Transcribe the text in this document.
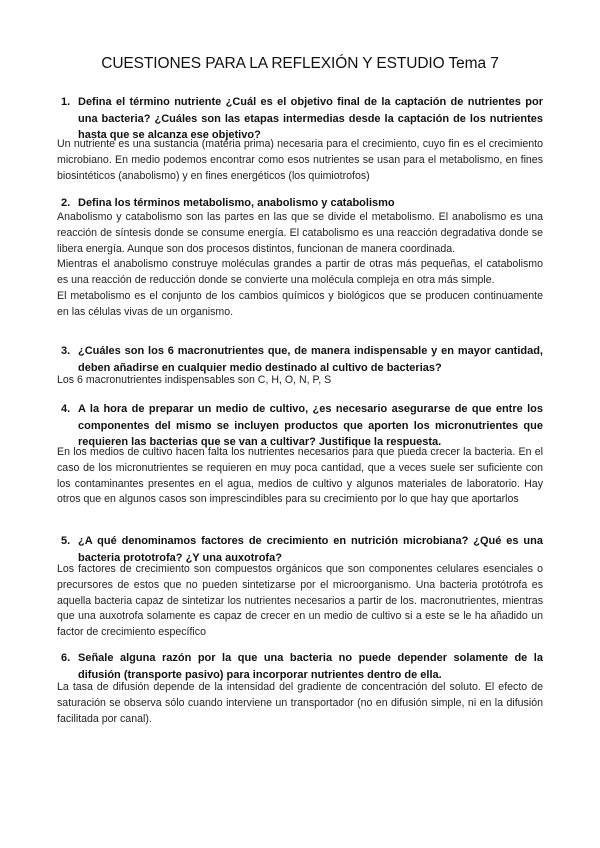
CUESTIONES PARA LA REFLEXIÓN Y ESTUDIO Tema 7
1. Defina el término nutriente ¿Cuál es el objetivo final de la captación de nutrientes por una bacteria? ¿Cuáles son las etapas intermedias desde la captación de los nutrientes hasta que se alcanza ese objetivo?

Un nutriente es una sustancia (materia prima) necesaria para el crecimiento, cuyo fin es el crecimiento microbiano. En medio podemos encontrar como esos nutrientes se usan para el metabolismo, en fines biosintéticos (anabolismo) y en fines energéticos (los quimiotrofos)

2. Defina los términos metabolismo, anabolismo y catabolismo

Anabolismo y catabolismo son las partes en las que se divide el metabolismo. El anabolismo es una reacción de síntesis donde se consume energía. El catabolismo es una reacción degradativa donde se libera energía. Aunque son dos procesos distintos, funcionan de manera coordinada.

Mientras el anabolismo construye moléculas grandes a partir de otras más pequeñas, el catabolismo es una reacción de reducción donde se convierte una molécula compleja en otra más simple.

El metabolismo es el conjunto de los cambios químicos y biológicos que se producen continuamente en las células vivas de un organismo.

3. ¿Cuáles son los 6 macronutrientes que, de manera indispensable y en mayor cantidad, deben añadirse en cualquier medio destinado al cultivo de bacterias?

Los 6 macronutrientes indispensables son C, H, O, N, P, S

4. A la hora de preparar un medio de cultivo, ¿es necesario asegurarse de que entre los componentes del mismo se incluyen productos que aporten los micronutrientes que requieren las bacterias que se van a cultivar? Justifique la respuesta.

En los medios de cultivo hacen falta los nutrientes necesarios para que pueda crecer la bacteria. En el caso de los micronutrientes se requieren en muy poca cantidad, que a veces suele ser suficiente con los contaminantes presentes en el agua, medios de cultivo y algunos materiales de laboratorio. Hay otros que en algunos casos son imprescindibles para su crecimiento por lo que hay que aportarlos

5. ¿A qué denominamos factores de crecimiento en nutrición microbiana? ¿Qué es una bacteria prototrofa? ¿Y una auxotrofa?

Los factores de crecimiento son compuestos orgánicos que son componentes celulares esenciales o precursores de estos que no pueden sintetizarse por el microorganismo. Una bacteria protótrofa es aquella bacteria capaz de sintetizar los nutrientes necesarios a partir de los. macronutrientes, mientras que una auxotrofa solamente es capaz de crecer en un medio de cultivo si a este se le ha añadido un factor de crecimiento específico

6. Señale alguna razón por la que una bacteria no puede depender solamente de la difusión (transporte pasivo) para incorporar nutrientes dentro de ella.

La tasa de difusión depende de la intensidad del gradiente de concentración del soluto. El efecto de saturación se observa sólo cuando interviene un transportador (no en difusión simple, ni en la difusión facilitada por canal).
